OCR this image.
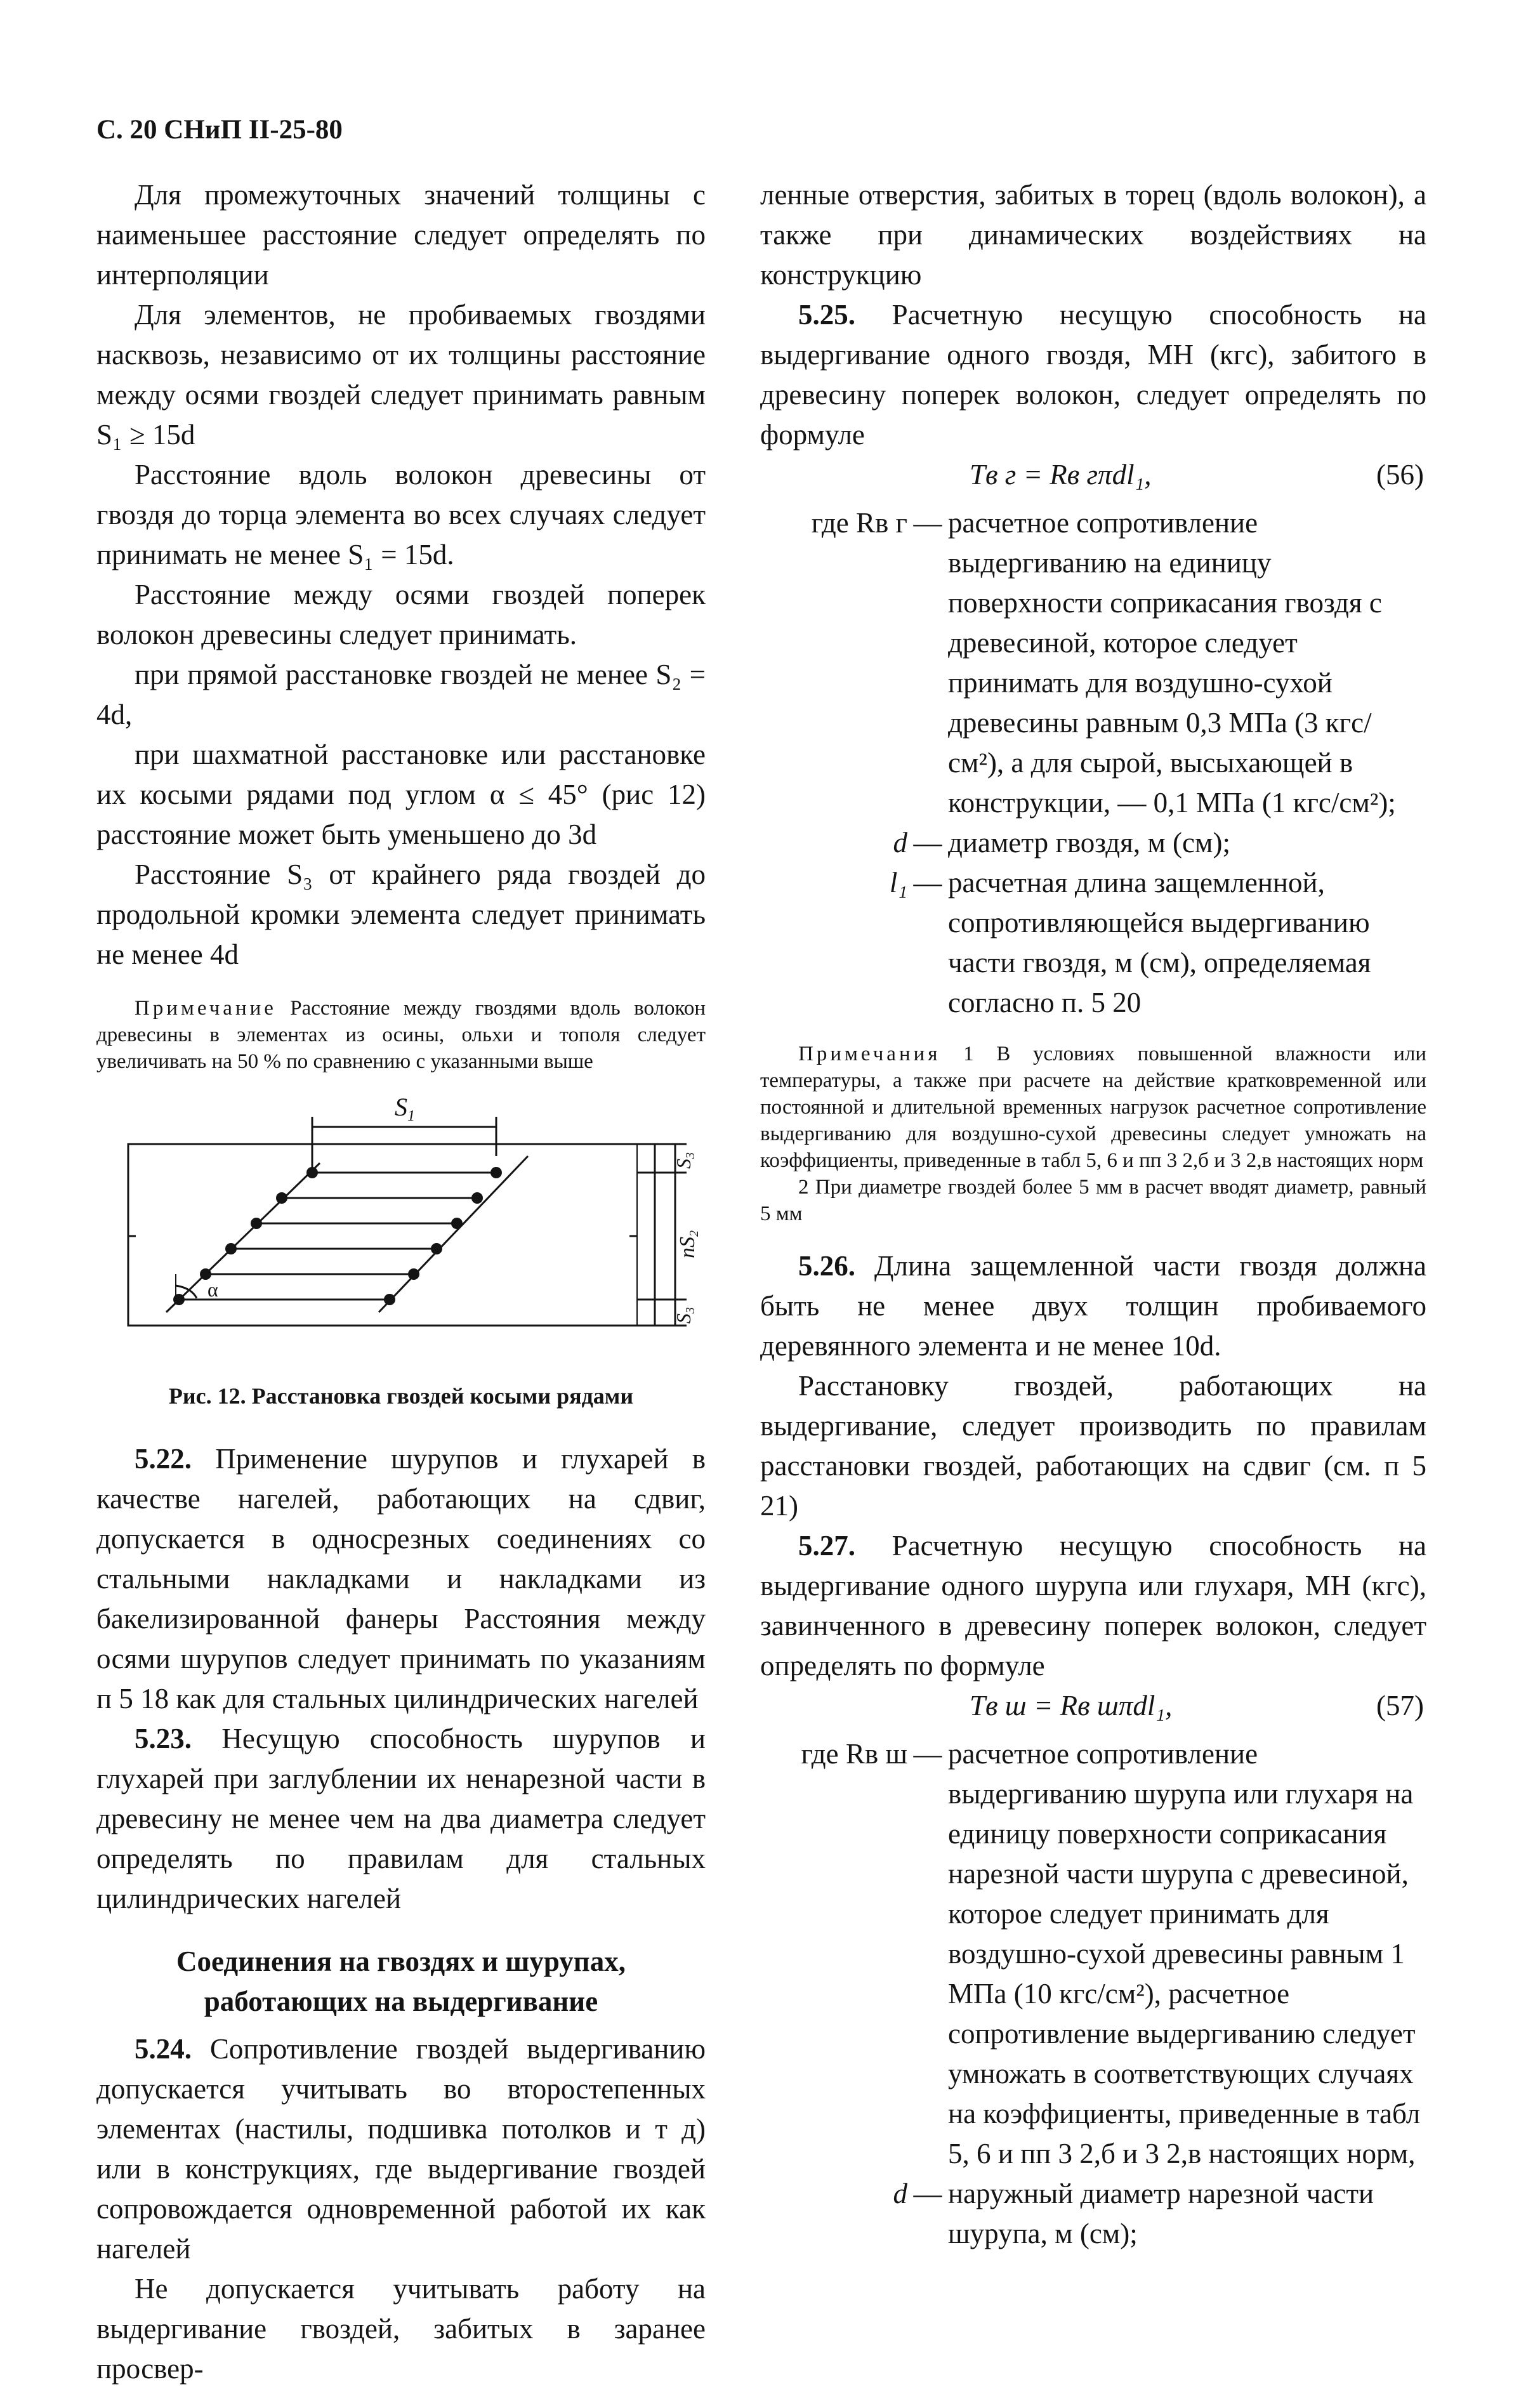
С. 20 СНиП II-25-80

Для промежуточных значений толщины с наименьшее расстояние следует определять по интерполяции

Для элементов, не пробиваемых гвоздями насквозь, независимо от их толщины расстояние между осями гвоздей следует принимать равным S₁ ≥ 15d

Расстояние вдоль волокон древесины от гвоздя до торца элемента во всех случаях следует принимать не менее S₁ = 15d.

Расстояние между осями гвоздей поперек волокон древесины следует принимать.

при прямой расстановке гвоздей не менее S₂ = 4d,

при шахматной расстановке или расстановке их косыми рядами под углом α ≤ 45° (рис 12) расстояние может быть уменьшено до 3d

Расстояние S₃ от крайнего ряда гвоздей до продольной кромки элемента следует принимать не менее 4d

Примечание Расстояние между гвоздями вдоль волокон древесины в элементах из осины, ольхи и тополя следует увеличивать на 50 % по сравнению с указанными выше

$S_1$
α
S3
nS2
S3

Рис. 12. Расстановка гвоздей косыми рядами

5.22. Применение шурупов и глухарей в качестве нагелей, работающих на сдвиг, допускается в односрезных соединениях со стальными накладками и накладками из бакелизированной фанеры Расстояния между осями шурупов следует принимать по указаниям п 5 18 как для стальных цилиндрических нагелей

5.23. Несущую способность шурупов и глухарей при заглублении их ненарезной части в древесину не менее чем на два диаметра следует определять по правилам для стальных цилиндрических нагелей

Соединения на гвоздях и шурупах, работающих на выдергивание

5.24. Сопротивление гвоздей выдергиванию допускается учитывать во второстепенных элементах (настилы, подшивка потолков и т д) или в конструкциях, где выдергивание гвоздей сопровождается одновременной работой их как нагелей

Не допускается учитывать работу на выдергивание гвоздей, забитых в заранее просвер-

ленные отверстия, забитых в торец (вдоль волокон), а также при динамических воздействиях на конструкцию

5.25. Расчетную несущую способность на выдергивание одного гвоздя, МН (кгс), забитого в древесину поперек волокон, следует определять по формуле

Tв г = Rв гπdl₁,	(56)
где Rв г — расчетное сопротивление выдергиванию на единицу поверхности соприкасания гвоздя с древесиной, которое следует принимать для воздушно-сухой древесины равным 0,3 МПа (3 кгс/см²), а для сырой, высыхающей в конструкции, — 0,1 МПа (1 кгс/см²);
d — диаметр гвоздя, м (см);
l₁ — расчетная длина защемленной, сопротивляющейся выдергиванию части гвоздя, м (см), определяемая согласно п. 5 20

Примечания 1 В условиях повышенной влажности или температуры, а также при расчете на действие кратковременной или постоянной и длительной временных нагрузок расчетное сопротивление выдергиванию для воздушно-сухой древесины следует умножать на коэффициенты, приведенные в табл 5, 6 и пп 3 2,б и 3 2,в настоящих норм

2 При диаметре гвоздей более 5 мм в расчет вводят диаметр, равный 5 мм

5.26. Длина защемленной части гвоздя должна быть не менее двух толщин пробиваемого деревянного элемента и не менее 10d.

Расстановку гвоздей, работающих на выдергивание, следует производить по правилам расстановки гвоздей, работающих на сдвиг (см. п 5 21)

5.27. Расчетную несущую способность на выдергивание одного шурупа или глухаря, МН (кгс), завинченного в древесину поперек волокон, следует определять по формуле

Tв ш = Rв шπdl₁,	(57)
где Rв ш — расчетное сопротивление выдергиванию шурупа или глухаря на единицу поверхности соприкасания нарезной части шурупа с древесиной, которое следует принимать для воздушно-сухой древесины равным 1 МПа (10 кгс/см²), расчетное сопротивление выдергиванию следует умножать в соответствующих случаях на коэффициенты, приведенные в табл 5, 6 и пп 3 2,б и 3 2,в настоящих норм,
d — наружный диаметр нарезной части шурупа, м (см);
